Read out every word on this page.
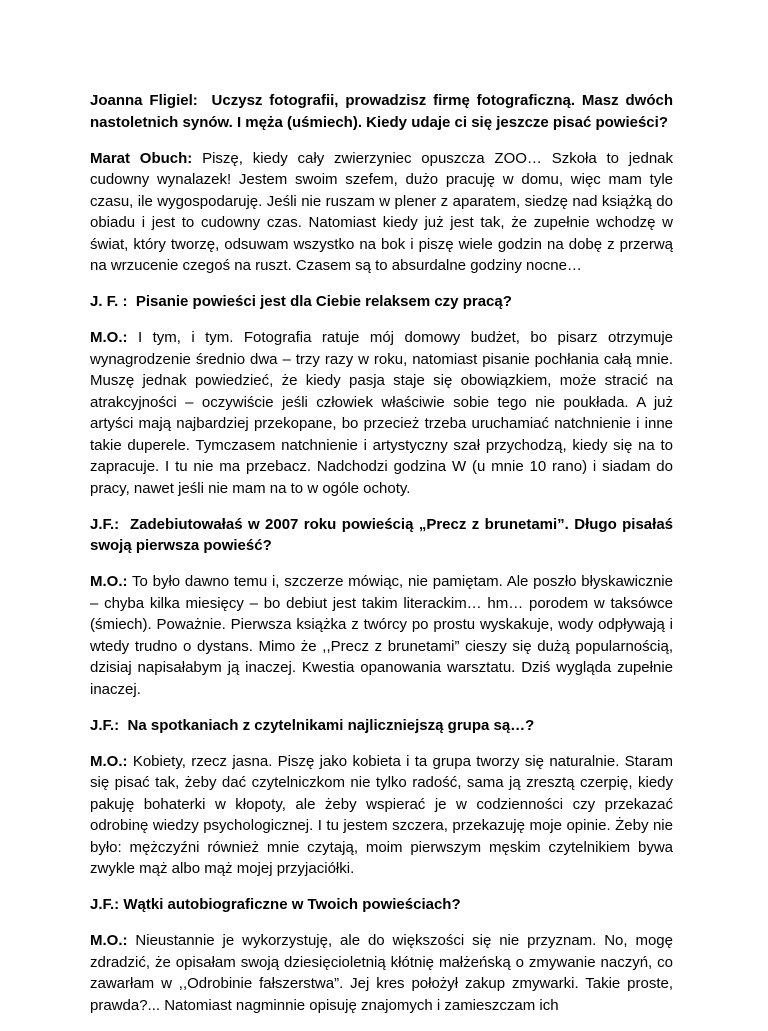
Joanna Fligiel: Uczysz fotografii, prowadzisz firmę fotograficzną. Masz dwóch nastoletnich synów. I męża (uśmiech). Kiedy udaje ci się jeszcze pisać powieści?

Marat Obuch: Piszę, kiedy cały zwierzyniec opuszcza ZOO… Szkoła to jednak cudowny wynalazek! Jestem swoim szefem, dużo pracuję w domu, więc mam tyle czasu, ile wygospodaruję. Jeśli nie ruszam w plener z aparatem, siedzę nad książką do obiadu i jest to cudowny czas. Natomiast kiedy już jest tak, że zupełnie wchodzę w świat, który tworzę, odsuwam wszystko na bok i piszę wiele godzin na dobę z przerwą na wrzucenie czegoś na ruszt. Czasem są to absurdalne godziny nocne…

J. F. : Pisanie powieści jest dla Ciebie relaksem czy pracą?

M.O.: I tym, i tym. Fotografia ratuje mój domowy budżet, bo pisarz otrzymuje wynagrodzenie średnio dwa – trzy razy w roku, natomiast pisanie pochłania całą mnie. Muszę jednak powiedzieć, że kiedy pasja staje się obowiązkiem, może stracić na atrakcyjności – oczywiście jeśli człowiek właściwie sobie tego nie poukłada. A już artyści mają najbardziej przekopane, bo przecież trzeba uruchamiać natchnienie i inne takie duperele. Tymczasem natchnienie i artystyczny szał przychodzą, kiedy się na to zapracuje. I tu nie ma przebacz. Nadchodzi godzina W (u mnie 10 rano) i siadam do pracy, nawet jeśli nie mam na to w ogóle ochoty.

J.F.: Zadebiutowałaś w 2007 roku powieścią „Precz z brunetami”. Długo pisałaś swoją pierwsza powieść?

M.O.: To było dawno temu i, szczerze mówiąc, nie pamiętam. Ale poszło błyskawicznie – chyba kilka miesięcy – bo debiut jest takim literackim… hm… porodem w taksówce (śmiech). Poważnie. Pierwsza książka z twórcy po prostu wyskakuje, wody odpływają i wtedy trudno o dystans. Mimo że ,,Precz z brunetami” cieszy się dużą popularnością, dzisiaj napisałabym ją inaczej. Kwestia opanowania warsztatu. Dziś wygląda zupełnie inaczej.

J.F.: Na spotkaniach z czytelnikami najliczniejszą grupa są…?

M.O.: Kobiety, rzecz jasna. Piszę jako kobieta i ta grupa tworzy się naturalnie. Staram się pisać tak, żeby dać czytelniczkom nie tylko radość, sama ją zresztą czerpię, kiedy pakuję bohaterki w kłopoty, ale żeby wspierać je w codzienności czy przekazać odrobinę wiedzy psychologicznej. I tu jestem szczera, przekazuję moje opinie. Żeby nie było: mężczyźni również mnie czytają, moim pierwszym męskim czytelnikiem bywa zwykle mąż albo mąż mojej przyjaciółki.

J.F.: Wątki autobiograficzne w Twoich powieściach?

M.O.: Nieustannie je wykorzystuję, ale do większości się nie przyznam. No, mogę zdradzić, że opisałam swoją dziesięcioletnią kłótnię małżeńską o zmywanie naczyń, co zawarłam w ,,Odrobinie fałszerstwa”. Jej kres położył zakup zmywarki. Takie proste, prawda?... Natomiast nagminnie opisuję znajomych i zamieszczam ich
